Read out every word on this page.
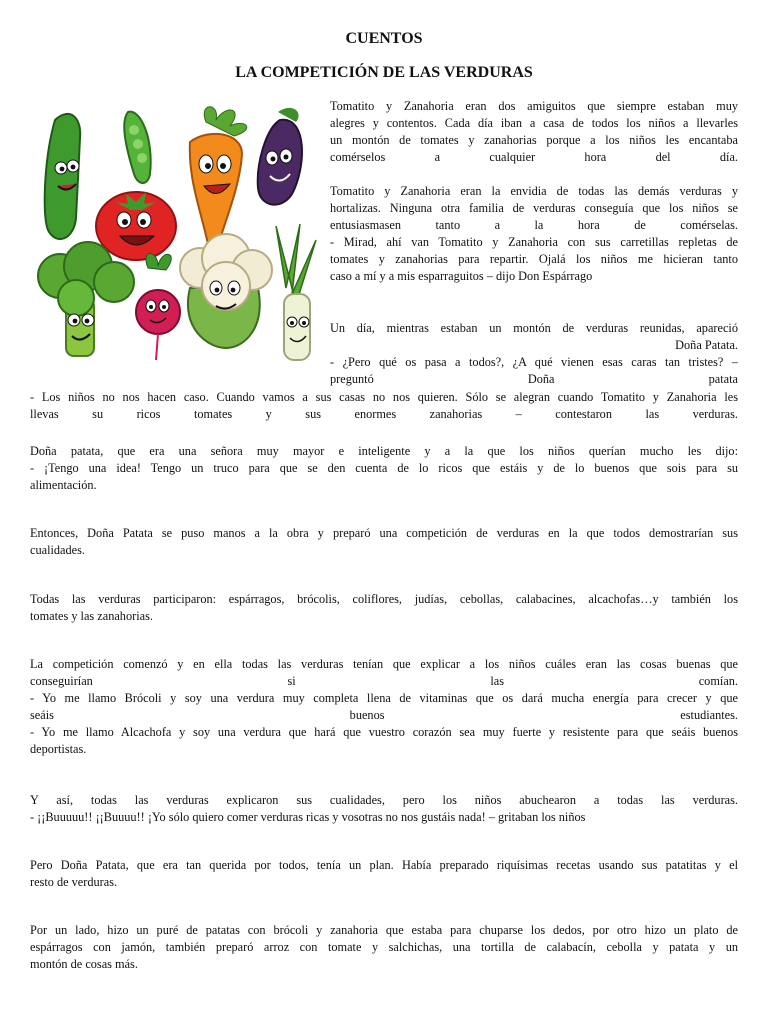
CUENTOS
LA COMPETICIÓN DE LAS VERDURAS
Tomatito y Zanahoria eran dos amiguitos que siempre estaban muy
alegres y contentos. Cada día iban a casa de todos los niños a llevarles
un montón de tomates y zanahorias porque a los niños les encantaba
comérselos a cualquier hora del día.
Tomatito y Zanahoria eran la envidia de todas las demás verduras y
hortalizas. Ninguna otra familia de verduras conseguía que los niños se
entusiasmasen tanto a la hora de comérselas.
- Mirad, ahí van Tomatito y Zanahoria con sus carretillas repletas de
tomates y zanahorias para repartir. Ojalá los niños me hicieran tanto
caso a mí y a mis esparraguitos – dijo Don Espárrago
Un día, mientras estaban un montón de verduras reunidas, apareció
Doña Patata.
- ¿Pero qué os pasa a todos?, ¿A qué vienen esas caras tan tristes? –
preguntó Doña patata
- Los niños no nos hacen caso. Cuando vamos a sus casas no nos quieren. Sólo se alegran cuando Tomatito y Zanahoria les
llevas su ricos tomates y sus enormes zanahorias – contestaron las verduras.
Doña patata, que era una señora muy mayor e inteligente y a la que los niños querían mucho les dijo:
- ¡Tengo una idea! Tengo un truco para que se den cuenta de lo ricos que estáis y de lo buenos que sois para su
alimentación.
Entonces, Doña Patata se puso manos a la obra y preparó una competición de verduras en la que todos demostrarían sus
cualidades.
Todas las verduras participaron: espárragos, brócolis, coliflores, judías, cebollas, calabacines, alcachofas…y también los
tomates y las zanahorias.
La competición comenzó y en ella todas las verduras tenían que explicar a los niños cuáles eran las cosas buenas que
conseguirían si las comían.
- Yo me llamo Brócoli y soy una verdura muy completa llena de vitaminas que os dará mucha energía para crecer y que
seáis buenos estudiantes.
- Yo me llamo Alcachofa y soy una verdura que hará que vuestro corazón sea muy fuerte y resistente para que seáis buenos
deportistas.
Y así, todas las verduras explicaron sus cualidades, pero los niños abuchearon a todas las verduras.
- ¡¡Buuuuu!! ¡¡Buuuu!! ¡Yo sólo quiero comer verduras ricas y vosotras no nos gustáis nada! – gritaban los niños
Pero Doña Patata, que era tan querida por todos, tenía un plan. Había preparado riquísimas recetas usando sus patatitas y el
resto de verduras.
Por un lado, hizo un puré de patatas con brócoli y zanahoria que estaba para chuparse los dedos, por otro hizo un plato de
espárragos con jamón, también preparó arroz con tomate y salchichas, una tortilla de calabacín, cebolla y patata y un
montón de cosas más.
